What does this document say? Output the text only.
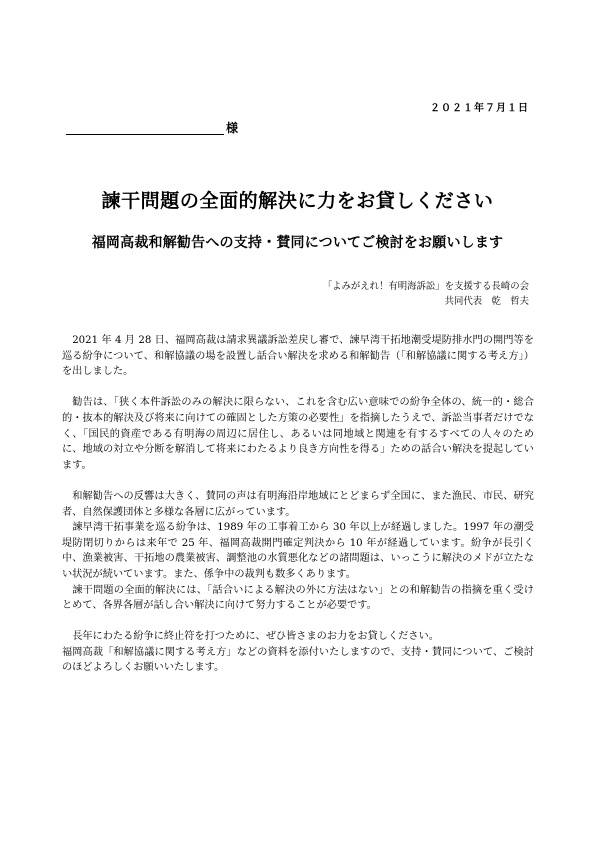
２０２１年７月１日
様
諫干問題の全面的解決に力をお貸しください
福岡高裁和解勧告への支持・賛同についてご検討をお願いします
「よみがえれ！有明海訴訟」を支援する長崎の会
共同代表　乾　哲夫

2021 年 4 月 28 日、福岡高裁は請求異議訴訟差戻し審で、諫早湾干拓地潮受堤防排水門の開門等を巡る紛争について、和解協議の場を設置し話合い解決を求める和解勧告（「和解協議に関する考え方」）を出しました。

勧告は、「狭く本件訴訟のみの解決に限らない、これを含む広い意味での紛争全体の、統一的・総合的・抜本的解決及び将来に向けての確固とした方策の必要性」を指摘したうえで、訴訟当事者だけでなく、「国民的資産である有明海の周辺に居住し、あるいは同地域と関連を有するすべての人々のために、地域の対立や分断を解消して将来にわたるより良き方向性を得る」ための話合い解決を提起しています。

和解勧告への反響は大きく、賛同の声は有明海沿岸地域にとどまらず全国に、また漁民、市民、研究者、自然保護団体と多様な各層に広がっています。

諫早湾干拓事業を巡る紛争は、1989 年の工事着工から 30 年以上が経過しました。1997 年の潮受堤防閉切りからは来年で 25 年、福岡高裁開門確定判決から 10 年が経過しています。紛争が長引く中、漁業被害、干拓地の農業被害、調整池の水質悪化などの諸問題は、いっこうに解決のメドが立たない状況が続いています。また、係争中の裁判も数多くあります。

諫干問題の全面的解決には、「話合いによる解決の外に方法はない」との和解勧告の指摘を重く受けとめて、各界各層が話し合い解決に向けて努力することが必要です。

長年にわたる紛争に終止符を打つために、ぜひ皆さまのお力をお貸しください。

福岡高裁「和解協議に関する考え方」などの資料を添付いたしますので、支持・賛同について、ご検討のほどよろしくお願いいたします。
